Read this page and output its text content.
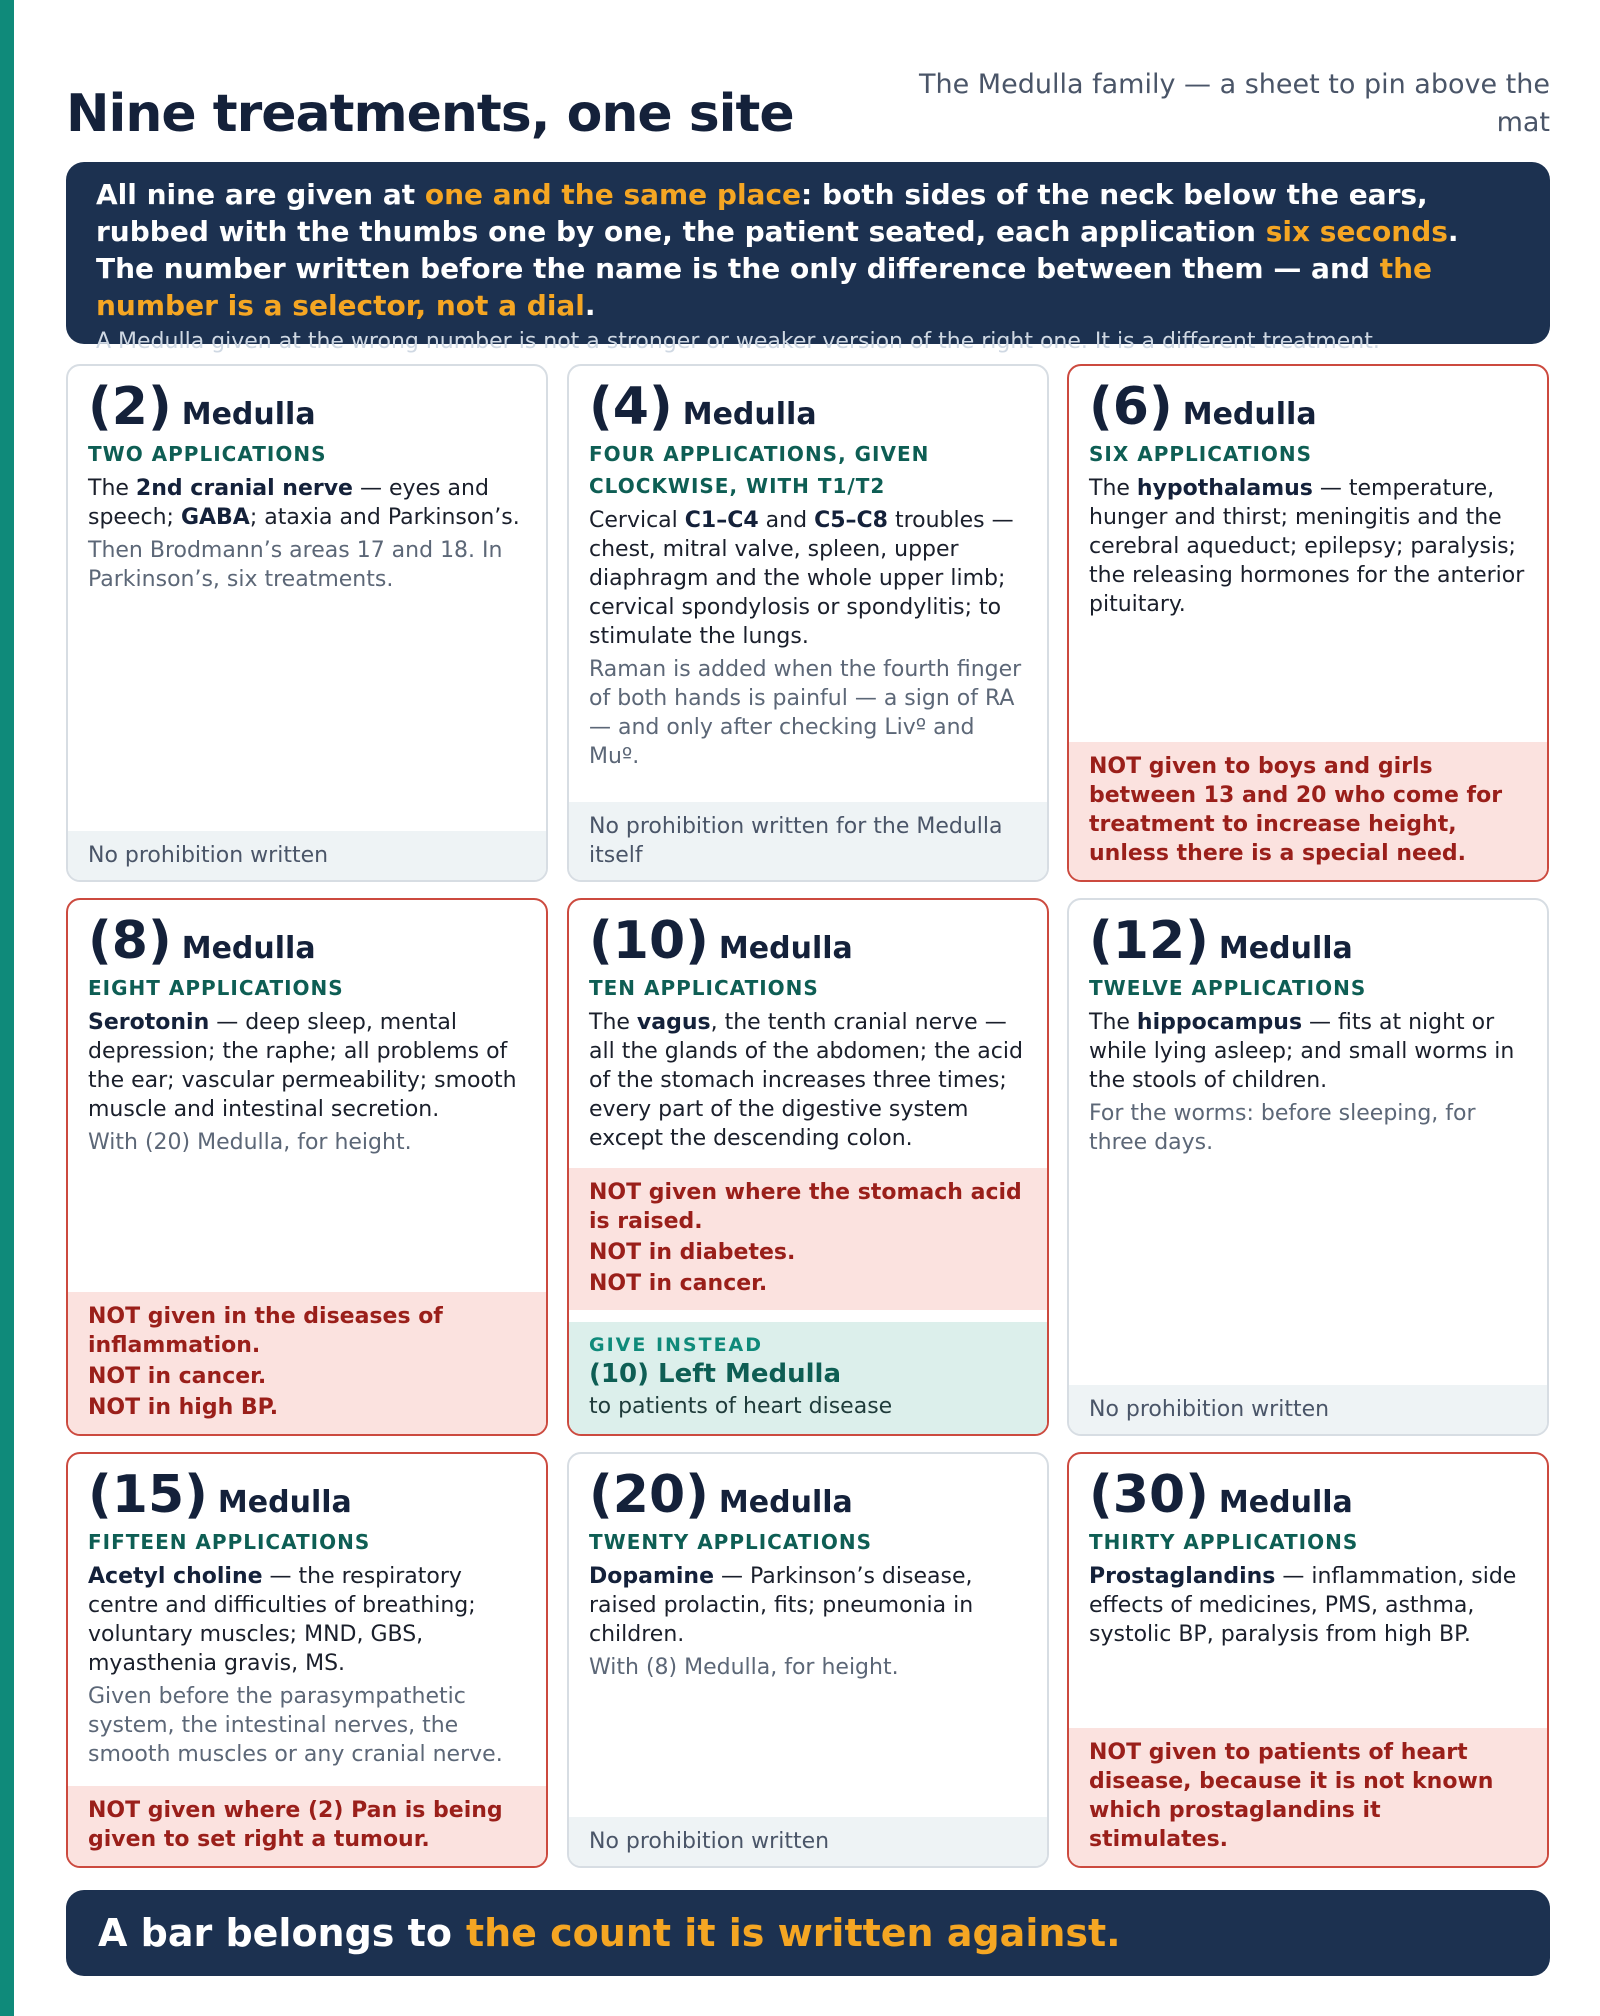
Nine treatments, one site	The Medulla family — a sheet to pin above the mat
All nine are given at one and the same place: both sides of the neck below the ears, rubbed with the thumbs one by one, the patient seated, each application six seconds. The number written before the name is the only difference between them — and the number is a selector, not a dial.
A Medulla given at the wrong number is not a stronger or weaker version of the right one. It is a different treatment.
(2) Medulla
TWO APPLICATIONS
The 2nd cranial nerve — eyes and speech; GABA; ataxia and Parkinson’s.
Then Brodmann’s areas 17 and 18. In Parkinson’s, six treatments.
No prohibition written
(4) Medulla
FOUR APPLICATIONS, GIVEN CLOCKWISE, WITH T1/T2
Cervical C1–C4 and C5–C8 troubles — chest, mitral valve, spleen, upper diaphragm and the whole upper limb; cervical spondylosis or spondylitis; to stimulate the lungs.
Raman is added when the fourth finger of both hands is painful — a sign of RA — and only after checking Livº and Muº.
No prohibition written for the Medulla itself
(6) Medulla
SIX APPLICATIONS
The hypothalamus — temperature, hunger and thirst; meningitis and the cerebral aqueduct; epilepsy; paralysis; the releasing hormones for the anterior pituitary.
NOT given to boys and girls between 13 and 20 who come for treatment to increase height, unless there is a special need.
(8) Medulla
EIGHT APPLICATIONS
Serotonin — deep sleep, mental depression; the raphe; all problems of the ear; vascular permeability; smooth muscle and intestinal secretion.
With (20) Medulla, for height.
NOT given in the diseases of inflammation.
NOT in cancer.
NOT in high BP.
(10) Medulla
TEN APPLICATIONS
The vagus, the tenth cranial nerve — all the glands of the abdomen; the acid of the stomach increases three times; every part of the digestive system except the descending colon.
GIVE INSTEAD
(10) Left Medulla
to patients of heart disease
NOT given where the stomach acid is raised.
NOT in diabetes.
NOT in cancer.
(12) Medulla
TWELVE APPLICATIONS
The hippocampus — fits at night or while lying asleep; and small worms in the stools of children.
For the worms: before sleeping, for three days.
No prohibition written
(15) Medulla
FIFTEEN APPLICATIONS
Acetyl choline — the respiratory centre and difficulties of breathing; voluntary muscles; MND, GBS, myasthenia gravis, MS.
Given before the parasympathetic system, the intestinal nerves, the smooth muscles or any cranial nerve.
NOT given where (2) Pan is being given to set right a tumour.
(20) Medulla
TWENTY APPLICATIONS
Dopamine — Parkinson’s disease, raised prolactin, fits; pneumonia in children.
With (8) Medulla, for height.
No prohibition written
(30) Medulla
THIRTY APPLICATIONS
Prostaglandins — inflammation, side effects of medicines, PMS, asthma, systolic BP, paralysis from high BP.
NOT given to patients of heart disease, because it is not known which prostaglandins it stimulates.
A bar belongs to the count it is written against.
